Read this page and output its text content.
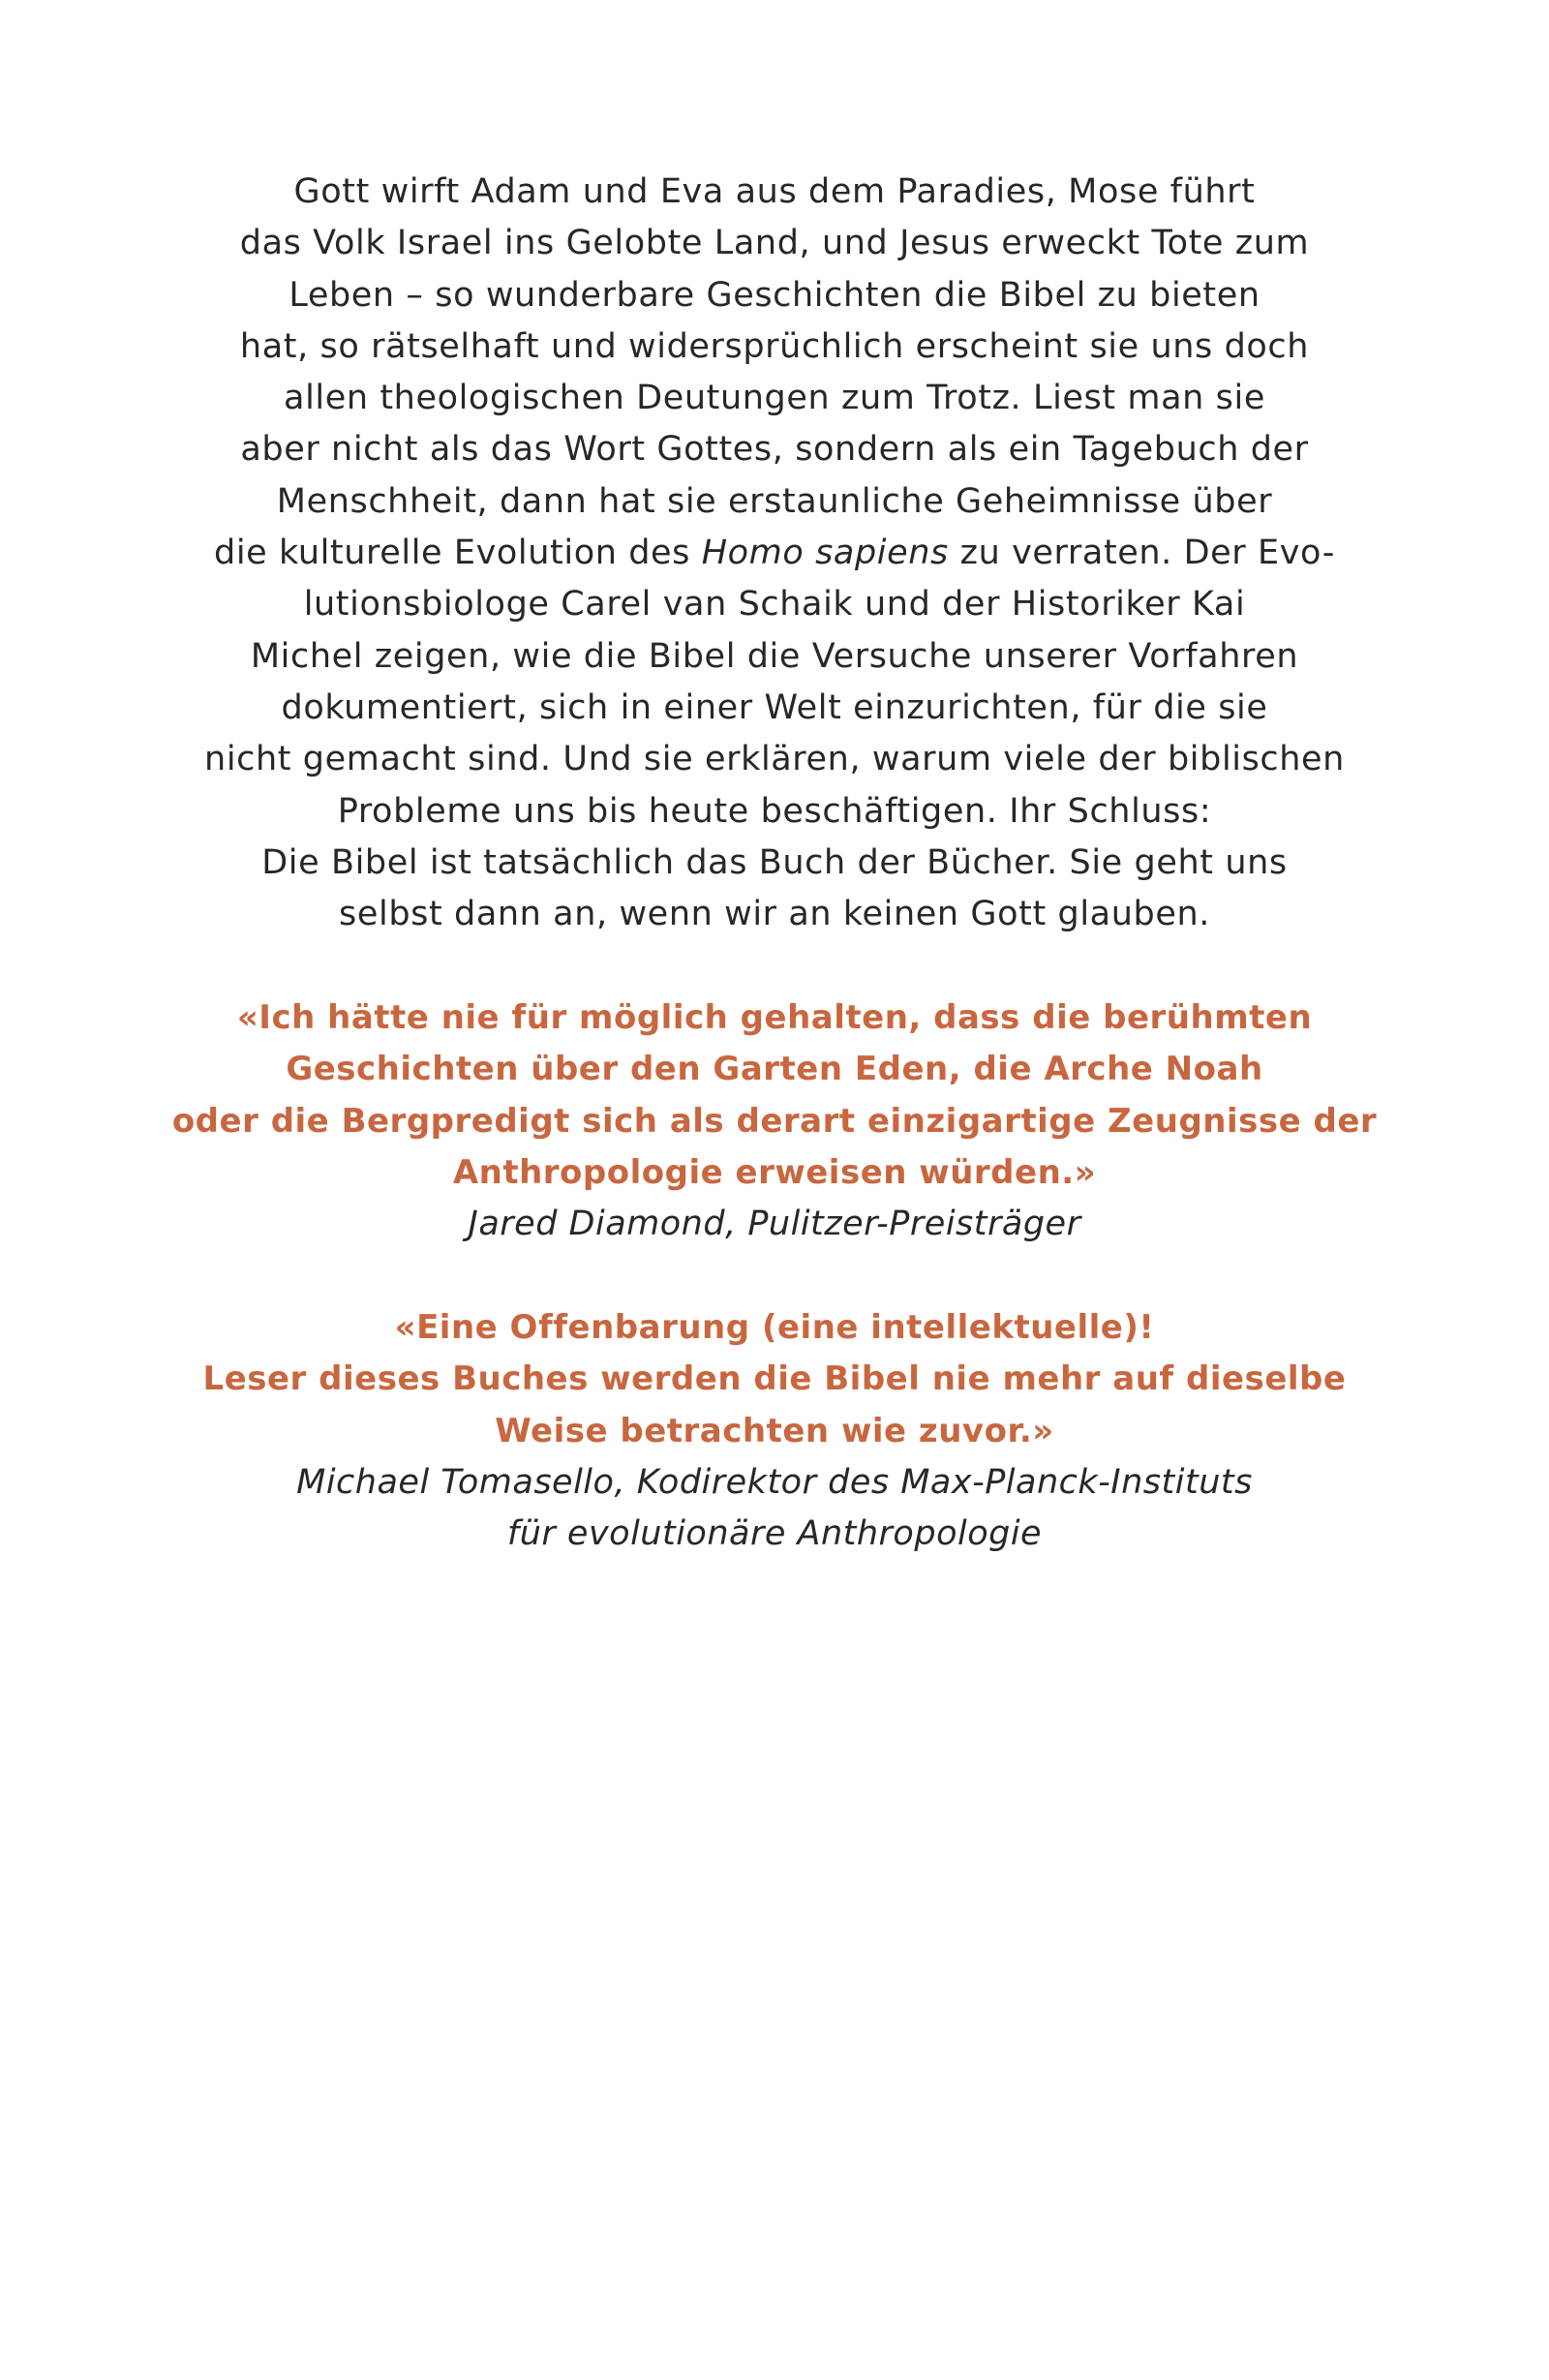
Gott wirft Adam und Eva aus dem Paradies, Mose führt
das Volk Israel ins Gelobte Land, und Jesus erweckt Tote zum
Leben – so wunderbare Geschichten die Bibel zu bieten
hat, so rätselhaft und widersprüchlich erscheint sie uns doch
allen theologischen Deutungen zum Trotz. Liest man sie
aber nicht als das Wort Gottes, sondern als ein Tagebuch der
Menschheit, dann hat sie erstaunliche Geheimnisse über
die kulturelle Evolution des Homo sapiens zu verraten. Der Evo-
lutionsbiologe Carel van Schaik und der Historiker Kai
Michel zeigen, wie die Bibel die Versuche unserer Vorfahren
dokumentiert, sich in einer Welt einzurichten, für die sie
nicht gemacht sind. Und sie erklären, warum viele der biblischen
Probleme uns bis heute beschäftigen. Ihr Schluss:
Die Bibel ist tatsächlich das Buch der Bücher. Sie geht uns
selbst dann an, wenn wir an keinen Gott glauben.
«Ich hätte nie für möglich gehalten, dass die berühmten
Geschichten über den Garten Eden, die Arche Noah
oder die Bergpredigt sich als derart einzigartige Zeugnisse der
Anthropologie erweisen würden.»
Jared Diamond, Pulitzer-Preisträger
«Eine Offenbarung (eine intellektuelle)!
Leser dieses Buches werden die Bibel nie mehr auf dieselbe
Weise betrachten wie zuvor.»
Michael Tomasello, Kodirektor des Max-Planck-Instituts
für evolutionäre Anthropologie
